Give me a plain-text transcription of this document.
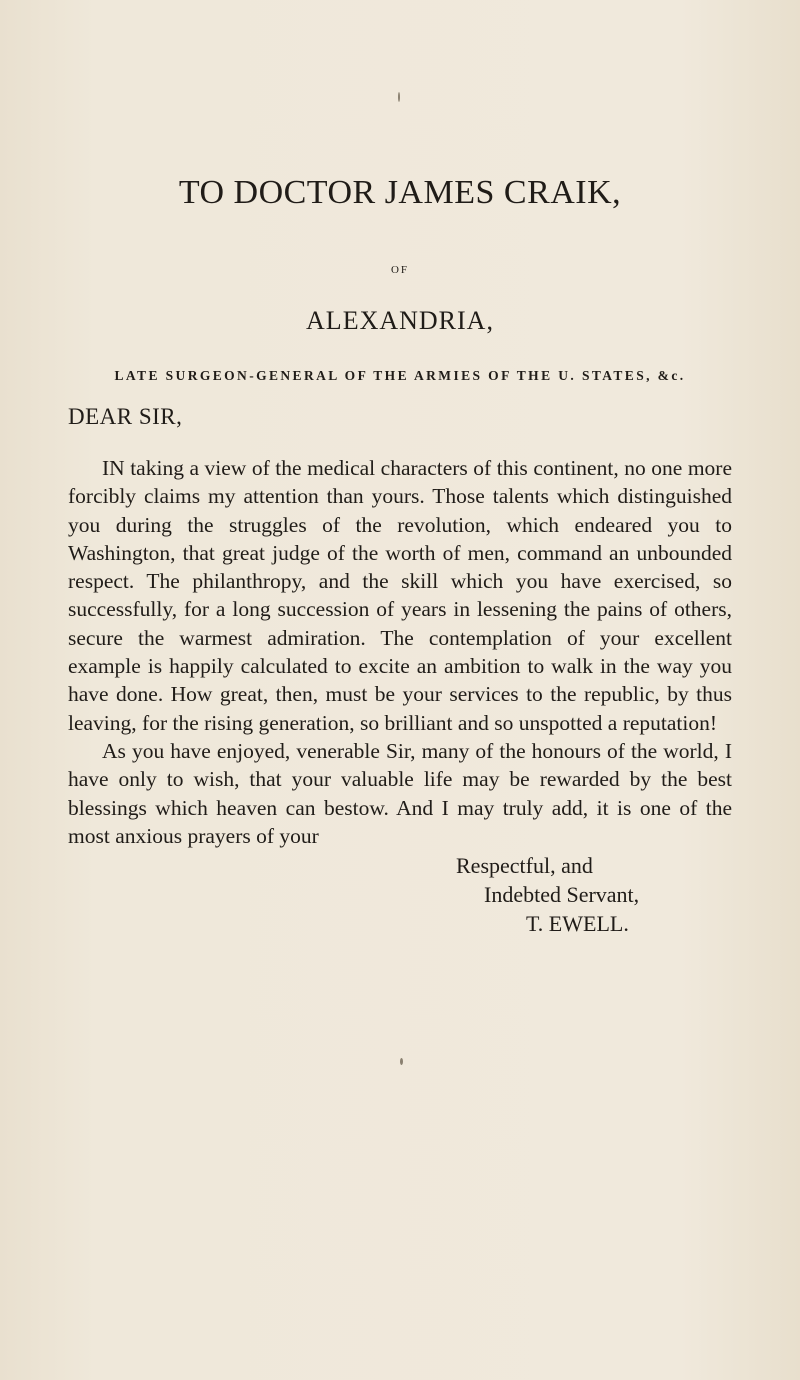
TO DOCTOR JAMES CRAIK,
OF
ALEXANDRIA,
LATE SURGEON-GENERAL OF THE ARMIES OF THE U. STATES, &c.
DEAR SIR,

IN taking a view of the medical characters of this continent, no one more forcibly claims my attention than yours. Those talents which distinguished you during the struggles of the revolution, which endeared you to Washington, that great judge of the worth of men, command an unbounded respect. The philanthropy, and the skill which you have exercised, so successfully, for a long succession of years in lessening the pains of others, secure the warmest admiration. The contemplation of your excellent example is happily calculated to excite an ambition to walk in the way you have done. How great, then, must be your services to the republic, by thus leaving, for the rising generation, so brilliant and so unspotted a reputation!

As you have enjoyed, venerable Sir, many of the honours of the world, I have only to wish, that your valuable life may be rewarded by the best blessings which heaven can bestow. And I may truly add, it is one of the most anxious prayers of your

Respectful, and
Indebted Servant,
T. EWELL.
